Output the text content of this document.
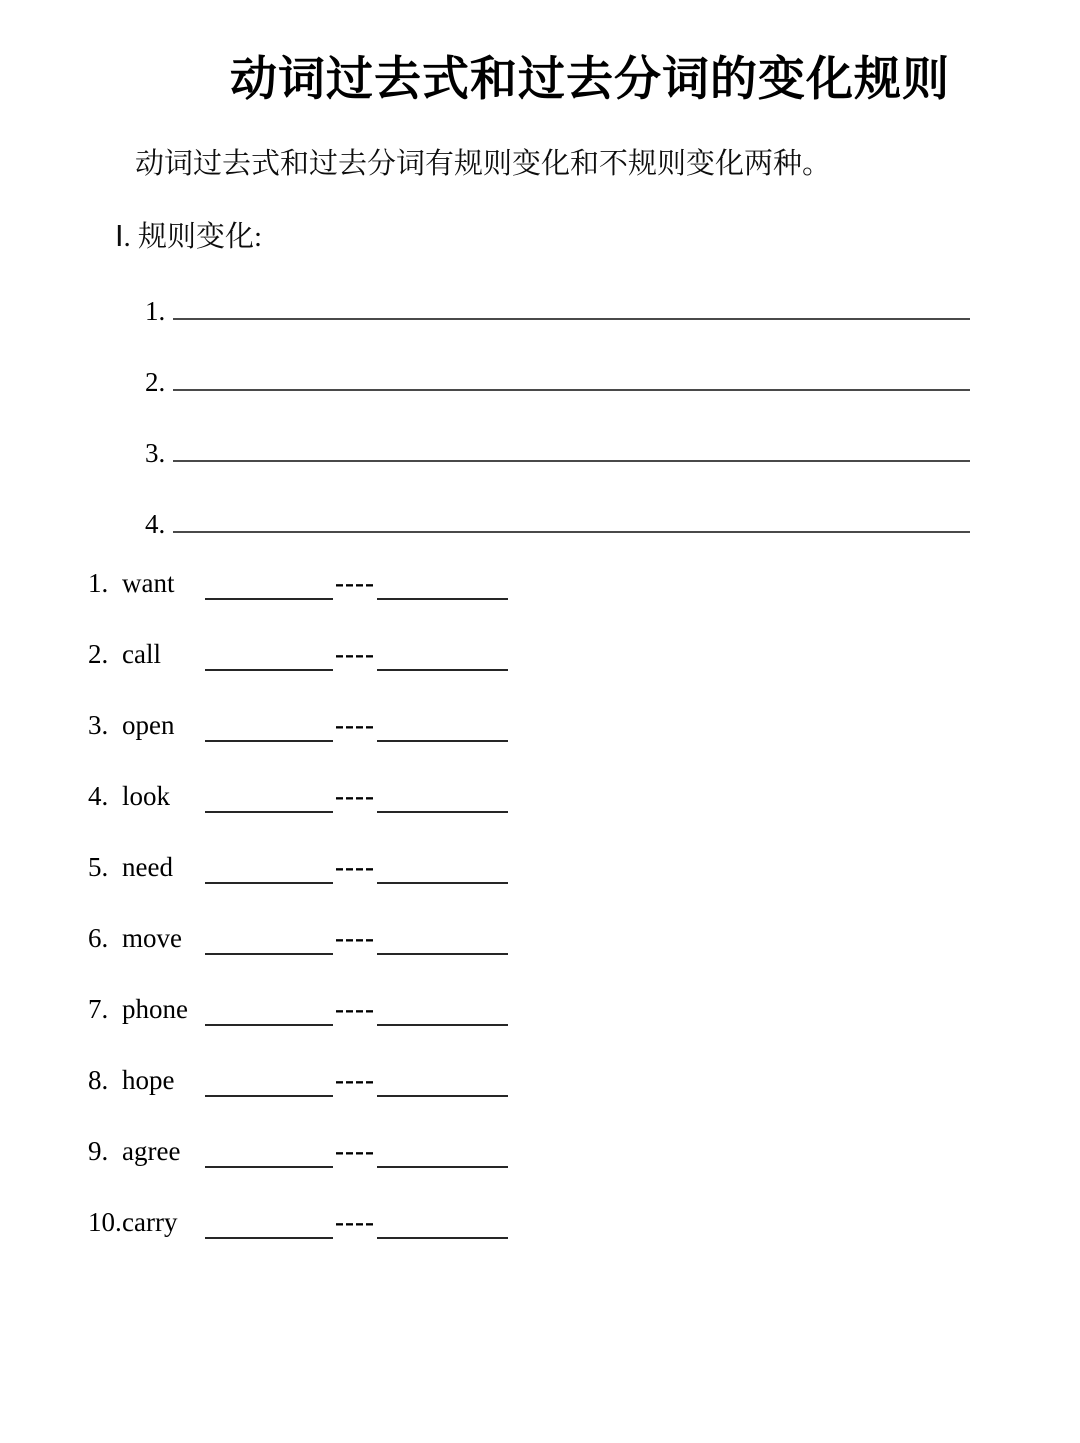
动词过去式和过去分词的变化规则

动词过去式和过去分词有规则变化和不规则变化两种。

Ⅰ. 规则变化:
1.
2.
3.
4.
1. want	----
2. call	----
3. open	----
4. look	----
5. need	----
6. move	----
7. phone	----
8. hope	----
9. agree	----
10.carry	----
